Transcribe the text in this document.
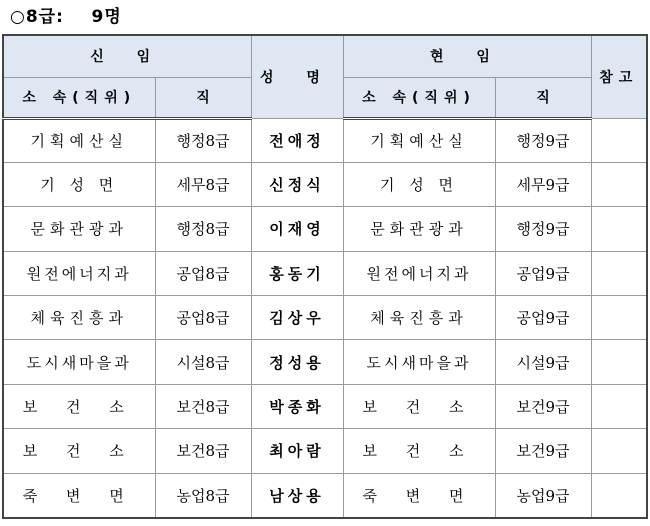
○8급:    9명
신 임		성 명	현 임		참고
소 속(직위)	직		소 속(직위)	직	
기획예산실	행정8급	전애정	기획예산실	행정9급	
기 성 면	세무8급	신정식	기 성 면	세무9급	
문화관광과	행정8급	이재영	문화관광과	행정9급	
원전에너지과	공업8급	홍동기	원전에너지과	공업9급	
체육진흥과	공업8급	김상우	체육진흥과	공업9급	
도시새마을과	시설8급	정성용	도시새마을과	시설9급	
보 건 소	보건8급	박종화	보 건 소	보건9급	
보 건 소	보건8급	최아람	보 건 소	보건9급	
죽 변 면	농업8급	남상용	죽 변 면	농업9급	
